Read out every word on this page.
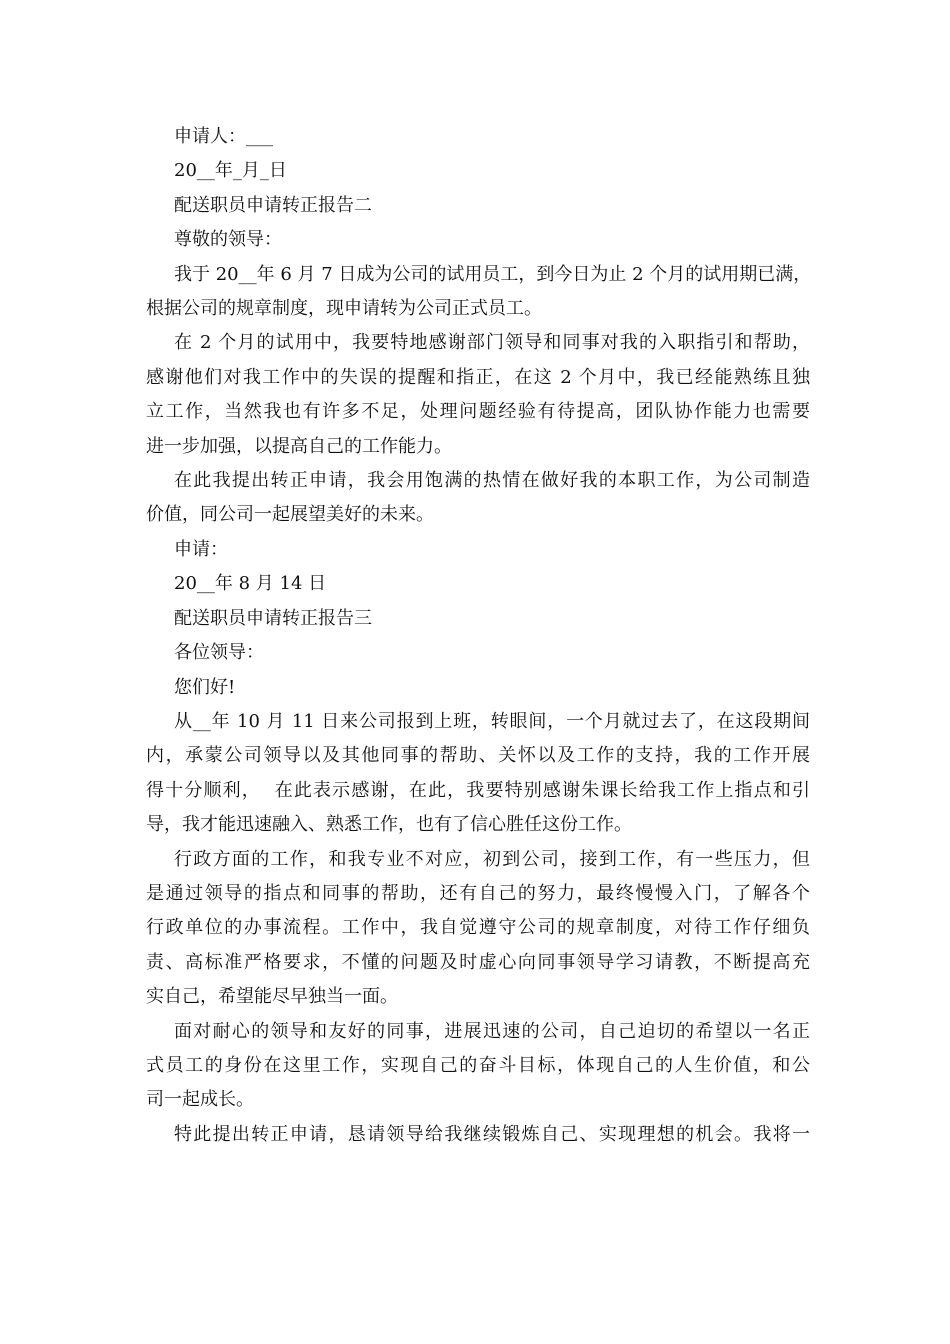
申请人：___
20__年_月_日
配送职员申请转正报告二
尊敬的领导：
我于 20__年 6 月 7 日成为公司的试用员工，到今日为止 2 个月的试用期已满，
根据公司的规章制度，现申请转为公司正式员工。
在 2 个月的试用中，我要特地感谢部门领导和同事对我的入职指引和帮助，
感谢他们对我工作中的失误的提醒和指正，在这 2 个月中，我已经能熟练且独
立工作，当然我也有许多不足，处理问题经验有待提高，团队协作能力也需要
进一步加强，以提高自己的工作能力。
在此我提出转正申请，我会用饱满的热情在做好我的本职工作，为公司制造
价值，同公司一起展望美好的未来。
申请：
20__年 8 月 14 日
配送职员申请转正报告三
各位领导：
您们好!
从__年 10 月 11 日来公司报到上班，转眼间，一个月就过去了，在这段期间
内，承蒙公司领导以及其他同事的帮助、关怀以及工作的支持，我的工作开展
得十分顺利，  在此表示感谢，在此，我要特别感谢朱课长给我工作上指点和引
导，我才能迅速融入、熟悉工作，也有了信心胜任这份工作。
行政方面的工作，和我专业不对应，初到公司，接到工作，有一些压力，但
是通过领导的指点和同事的帮助，还有自己的努力，最终慢慢入门，了解各个
行政单位的办事流程。工作中，我自觉遵守公司的规章制度，对待工作仔细负
责、高标准严格要求，不懂的问题及时虚心向同事领导学习请教，不断提高充
实自己，希望能尽早独当一面。
面对耐心的领导和友好的同事，进展迅速的公司，自己迫切的希望以一名正
式员工的身份在这里工作，实现自己的奋斗目标，体现自己的人生价值，和公
司一起成长。
特此提出转正申请，恳请领导给我继续锻炼自己、实现理想的机会。我将一
